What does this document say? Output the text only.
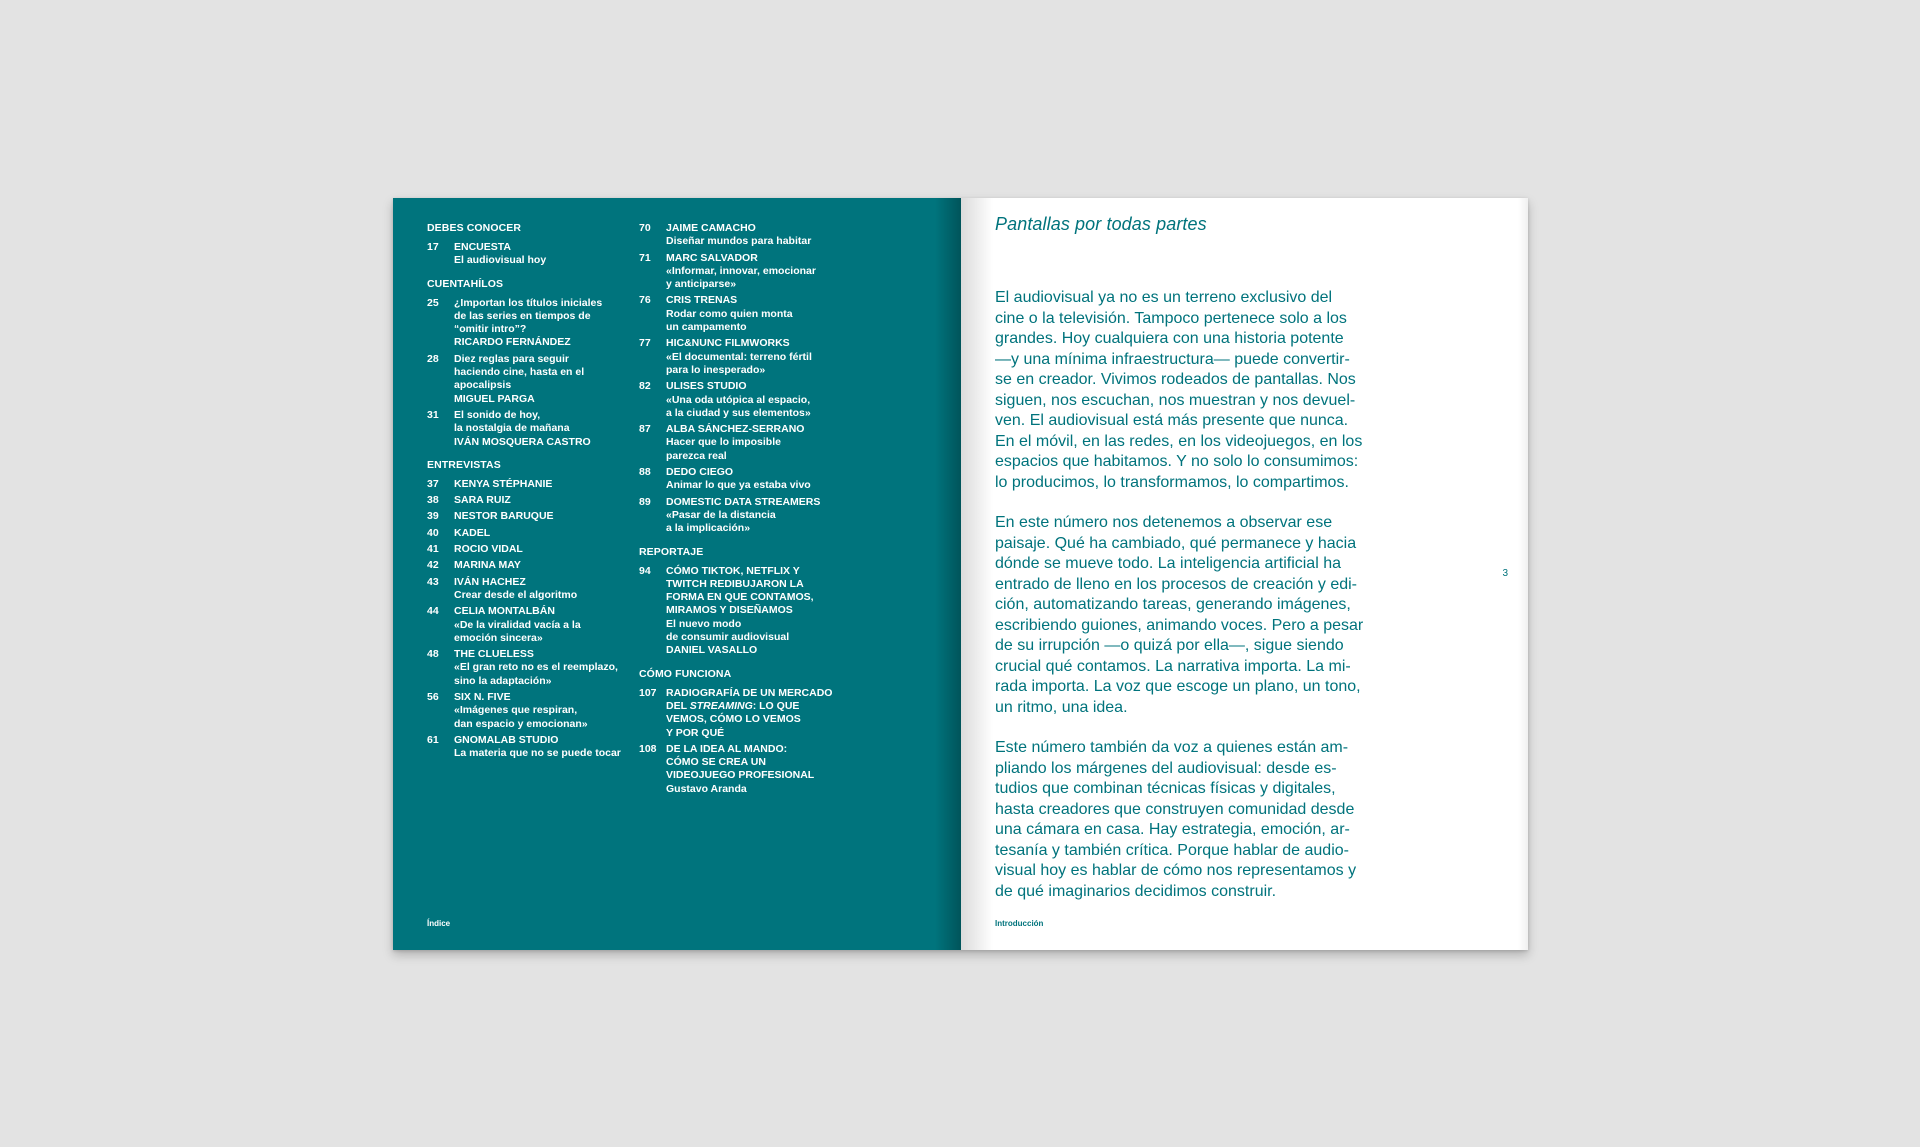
DEBES CONOCER
17	ENCUESTA
El audiovisual hoy
CUENTAHÍLOS
25	¿Importan los títulos iniciales
de las series en tiempos de
“omitir intro”?
RICARDO FERNÁNDEZ
28	Diez reglas para seguir
haciendo cine, hasta en el
apocalipsis
MIGUEL PARGA
31	El sonido de hoy,
la nostalgia de mañana
IVÁN MOSQUERA CASTRO
ENTREVISTAS
37	KENYA STÉPHANIE
38	SARA RUIZ
39	NESTOR BARUQUE
40	KADEL
41	ROCIO VIDAL
42	MARINA MAY
43	IVÁN HACHEZ
Crear desde el algoritmo
44	CELIA MONTALBÁN
«De la viralidad vacía a la
emoción sincera»
48	THE CLUELESS
«El gran reto no es el reemplazo,
sino la adaptación»
56	SIX N. FIVE
«Imágenes que respiran,
dan espacio y emocionan»
61	GNOMALAB STUDIO
La materia que no se puede tocar
70	JAIME CAMACHO
Diseñar mundos para habitar
71	MARC SALVADOR
«Informar, innovar, emocionar
y anticiparse»
76	CRIS TRENAS
Rodar como quien monta
un campamento
77	HIC&NUNC FILMWORKS
«El documental: terreno fértil
para lo inesperado»
82	ULISES STUDIO
«Una oda utópica al espacio,
a la ciudad y sus elementos»
87	ALBA SÁNCHEZ-SERRANO
Hacer que lo imposible
parezca real
88	DEDO CIEGO
Animar lo que ya estaba vivo
89	DOMESTIC DATA STREAMERS
«Pasar de la distancia
a la implicación»
REPORTAJE
94	CÓMO TIKTOK, NETFLIX Y
TWITCH REDIBUJARON LA
FORMA EN QUE CONTAMOS,
MIRAMOS Y DISEÑAMOS
El nuevo modo
de consumir audiovisual
DANIEL VASALLO
CÓMO FUNCIONA
107 RADIOGRAFÍA DE UN MERCADO
DEL STREAMING: LO QUE
VEMOS, CÓMO LO VEMOS
Y POR QUÉ
108 DE LA IDEA AL MANDO:
CÓMO SE CREA UN
VIDEOJUEGO PROFESIONAL
Gustavo Aranda
Índice
Pantallas por todas partes

El audiovisual ya no es un terreno exclusivo del
cine o la televisión. Tampoco pertenece solo a los
grandes. Hoy cualquiera con una historia potente
—y una mínima infraestructura— puede convertir-
se en creador. Vivimos rodeados de pantallas. Nos
siguen, nos escuchan, nos muestran y nos devuel-
ven. El audiovisual está más presente que nunca.
En el móvil, en las redes, en los videojuegos, en los
espacios que habitamos. Y no solo lo consumimos:
lo producimos, lo transformamos, lo compartimos.

En este número nos detenemos a observar ese
paisaje. Qué ha cambiado, qué permanece y hacia
dónde se mueve todo. La inteligencia artificial ha
entrado de lleno en los procesos de creación y edi-
ción, automatizando tareas, generando imágenes,
escribiendo guiones, animando voces. Pero a pesar
de su irrupción —o quizá por ella—, sigue siendo
crucial qué contamos. La narrativa importa. La mi-
rada importa. La voz que escoge un plano, un tono,
un ritmo, una idea.

Este número también da voz a quienes están am-
pliando los márgenes del audiovisual: desde es-
tudios que combinan técnicas físicas y digitales,
hasta creadores que construyen comunidad desde
una cámara en casa. Hay estrategia, emoción, ar-
tesanía y también crítica. Porque hablar de audio-
visual hoy es hablar de cómo nos representamos y
de qué imaginarios decidimos construir.

3
Introducción
